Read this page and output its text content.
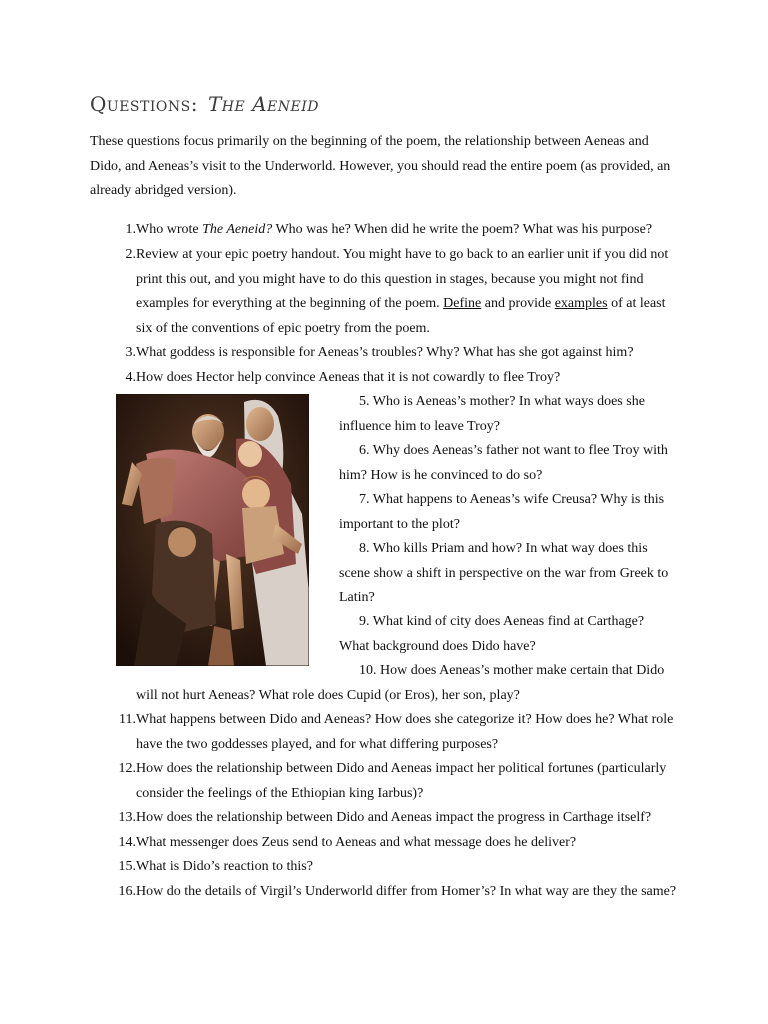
Questions: The Aeneid

These questions focus primarily on the beginning of the poem, the relationship between Aeneas and Dido, and Aeneas’s visit to the Underworld. However, you should read the entire poem (as provided, an already abridged version).

1. Who wrote The Aeneid? Who was he? When did he write the poem? What was his purpose?
2. Review at your epic poetry handout. You might have to go back to an earlier unit if you did not
print this out, and you might have to do this question in stages, because you might not find
examples for everything at the beginning of the poem. Define and provide examples of at least
six of the conventions of epic poetry from the poem.
3. What goddess is responsible for Aeneas’s troubles? Why? What has she got against him?
4. How does Hector help convince Aeneas that it is not cowardly to flee Troy?
5. Who is Aeneas’s mother? In what ways does she
influence him to leave Troy?
6. Why does Aeneas’s father not want to flee Troy with
him? How is he convinced to do so?
7. What happens to Aeneas’s wife Creusa? Why is this
important to the plot?
8. Who kills Priam and how? In what way does this
scene show a shift in perspective on the war from Greek to
Latin?
9. What kind of city does Aeneas find at Carthage?
What background does Dido have?
10. How does Aeneas’s mother make certain that Dido
will not hurt Aeneas? What role does Cupid (or Eros), her son, play?
11. What happens between Dido and Aeneas? How does she categorize it? How does he? What role
have the two goddesses played, and for what differing purposes?
12. How does the relationship between Dido and Aeneas impact her political fortunes (particularly
consider the feelings of the Ethiopian king Iarbus)?
13. How does the relationship between Dido and Aeneas impact the progress in Carthage itself?
14. What messenger does Zeus send to Aeneas and what message does he deliver?
15. What is Dido’s reaction to this?
16. How do the details of Virgil’s Underworld differ from Homer’s? In what way are they the same?
